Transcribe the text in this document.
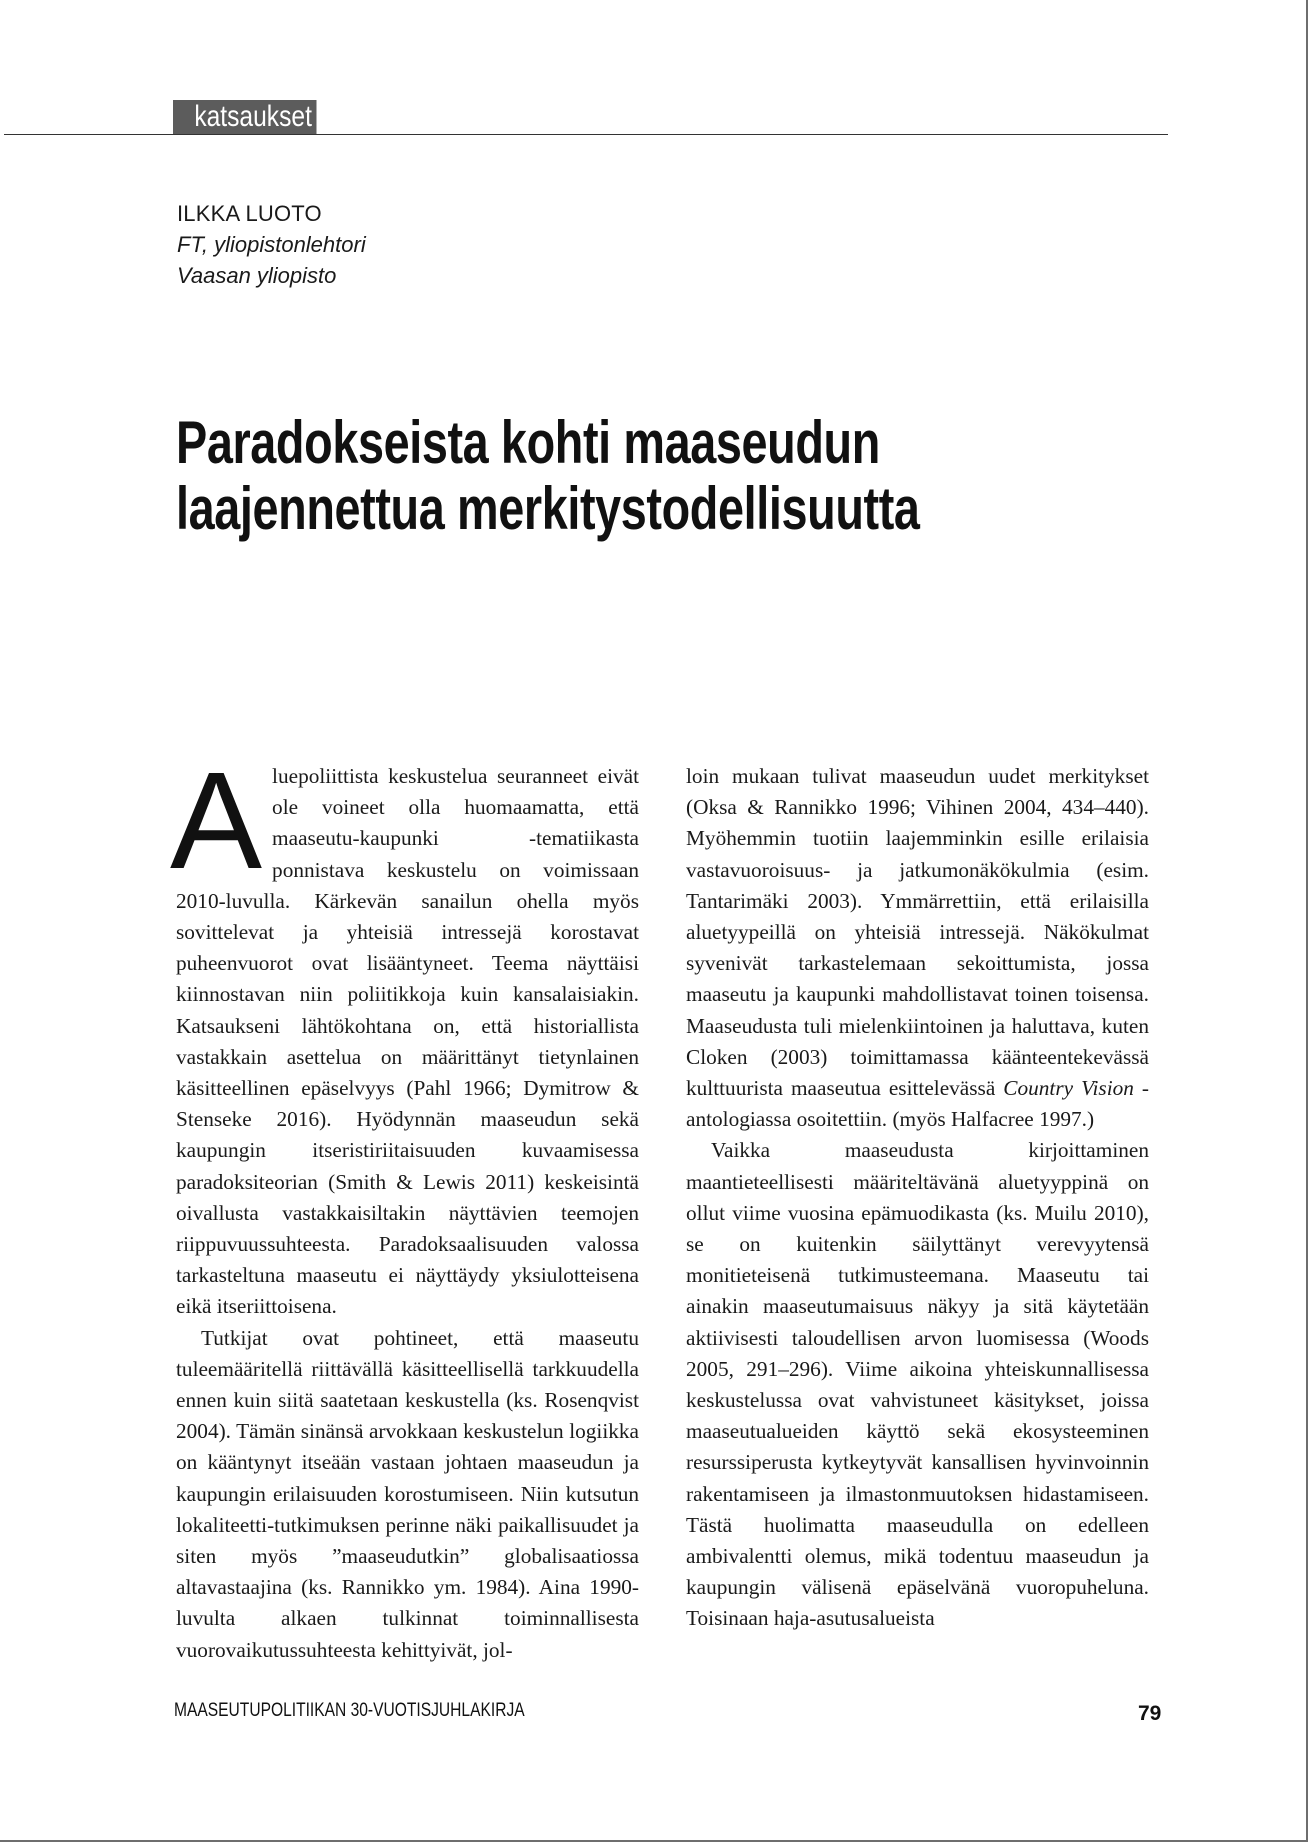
katsaukset
ILKKA LUOTO
FT, yliopistonlehtori
Vaasan yliopisto
Paradokseista kohti maaseudun
laajennettua merkitystodellisuutta

Aluepoliittista keskustelua seuranneet eivät ole voineet olla huomaamatta, että maaseutu-kaupunki -tematiikasta ponnistava keskustelu on voimissaan 2010-luvulla. Kärkevän sanailun ohella myös sovittelevat ja yhteisiä intressejä korostavat puheenvuorot ovat lisääntyneet. Teema näyttäisi kiinnostavan niin poliitikkoja kuin kansalaisiakin. Katsaukseni lähtökohtana on, että historiallista vastakkain asettelua on määrittänyt tietynlainen käsitteellinen epäselvyys (Pahl 1966; Dymitrow & Stenseke 2016). Hyödynnän maaseudun sekä kaupungin itseristiriitaisuuden kuvaamisessa paradoksiteorian (Smith & Lewis 2011) keskeisintä oivallusta vastakkaisiltakin näyttävien teemojen riippuvuussuhteesta. Paradoksaalisuuden valossa tarkasteltuna maaseutu ei näyttäydy yksiulotteisena eikä itseriittoisena.

Tutkijat ovat pohtineet, että maaseutu tuleemääritellä riittävällä käsitteellisellä tarkkuudella ennen kuin siitä saatetaan keskustella (ks. Rosenqvist 2004). Tämän sinänsä arvokkaan keskustelun logiikka on kääntynyt itseään vastaan johtaen maaseudun ja kaupungin erilaisuuden korostumiseen. Niin kutsutun lokaliteetti-tutkimuksen perinne näki paikallisuudet ja siten myös ”maaseudutkin” globalisaatiossa altavastaajina (ks. Rannikko ym. 1984). Aina 1990-luvulta alkaen tulkinnat toiminnallisesta vuorovaikutussuhteesta kehittyivät, jol-

loin mukaan tulivat maaseudun uudet merkitykset (Oksa & Rannikko 1996; Vihinen 2004, 434–440). Myöhemmin tuotiin laajemminkin esille erilaisia vastavuoroisuus- ja jatkumonäkökulmia (esim. Tantarimäki 2003). Ymmärrettiin, että erilaisilla aluetyypeillä on yhteisiä intressejä. Näkökulmat syvenivät tarkastelemaan sekoittumista, jossa maaseutu ja kaupunki mahdollistavat toinen toisensa. Maaseudusta tuli mielenkiintoinen ja haluttava, kuten Cloken (2003) toimittamassa käänteentekevässä kulttuurista maaseutua esittelevässä Country Vision -antologiassa osoitettiin. (myös Halfacree 1997.)

Vaikka maaseudusta kirjoittaminen maantieteellisesti määriteltävänä aluetyyppinä on ollut viime vuosina epämuodikasta (ks. Muilu 2010), se on kuitenkin säilyttänyt verevyytensä monitieteisenä tutkimusteemana. Maaseutu tai ainakin maaseutumaisuus näkyy ja sitä käytetään aktiivisesti taloudellisen arvon luomisessa (Woods 2005, 291–296). Viime aikoina yhteiskunnallisessa keskustelussa ovat vahvistuneet käsitykset, joissa maaseutualueiden käyttö sekä ekosysteeminen resurssiperusta kytkeytyvät kansallisen hyvinvoinnin rakentamiseen ja ilmastonmuutoksen hidastamiseen. Tästä huolimatta maaseudulla on edelleen ambivalentti olemus, mikä todentuu maaseudun ja kaupungin välisenä epäselvänä vuoropuheluna. Toisinaan haja-asutusalueista

MAASEUTUPOLITIIKAN 30-VUOTISJUHLAKIRJA	79
